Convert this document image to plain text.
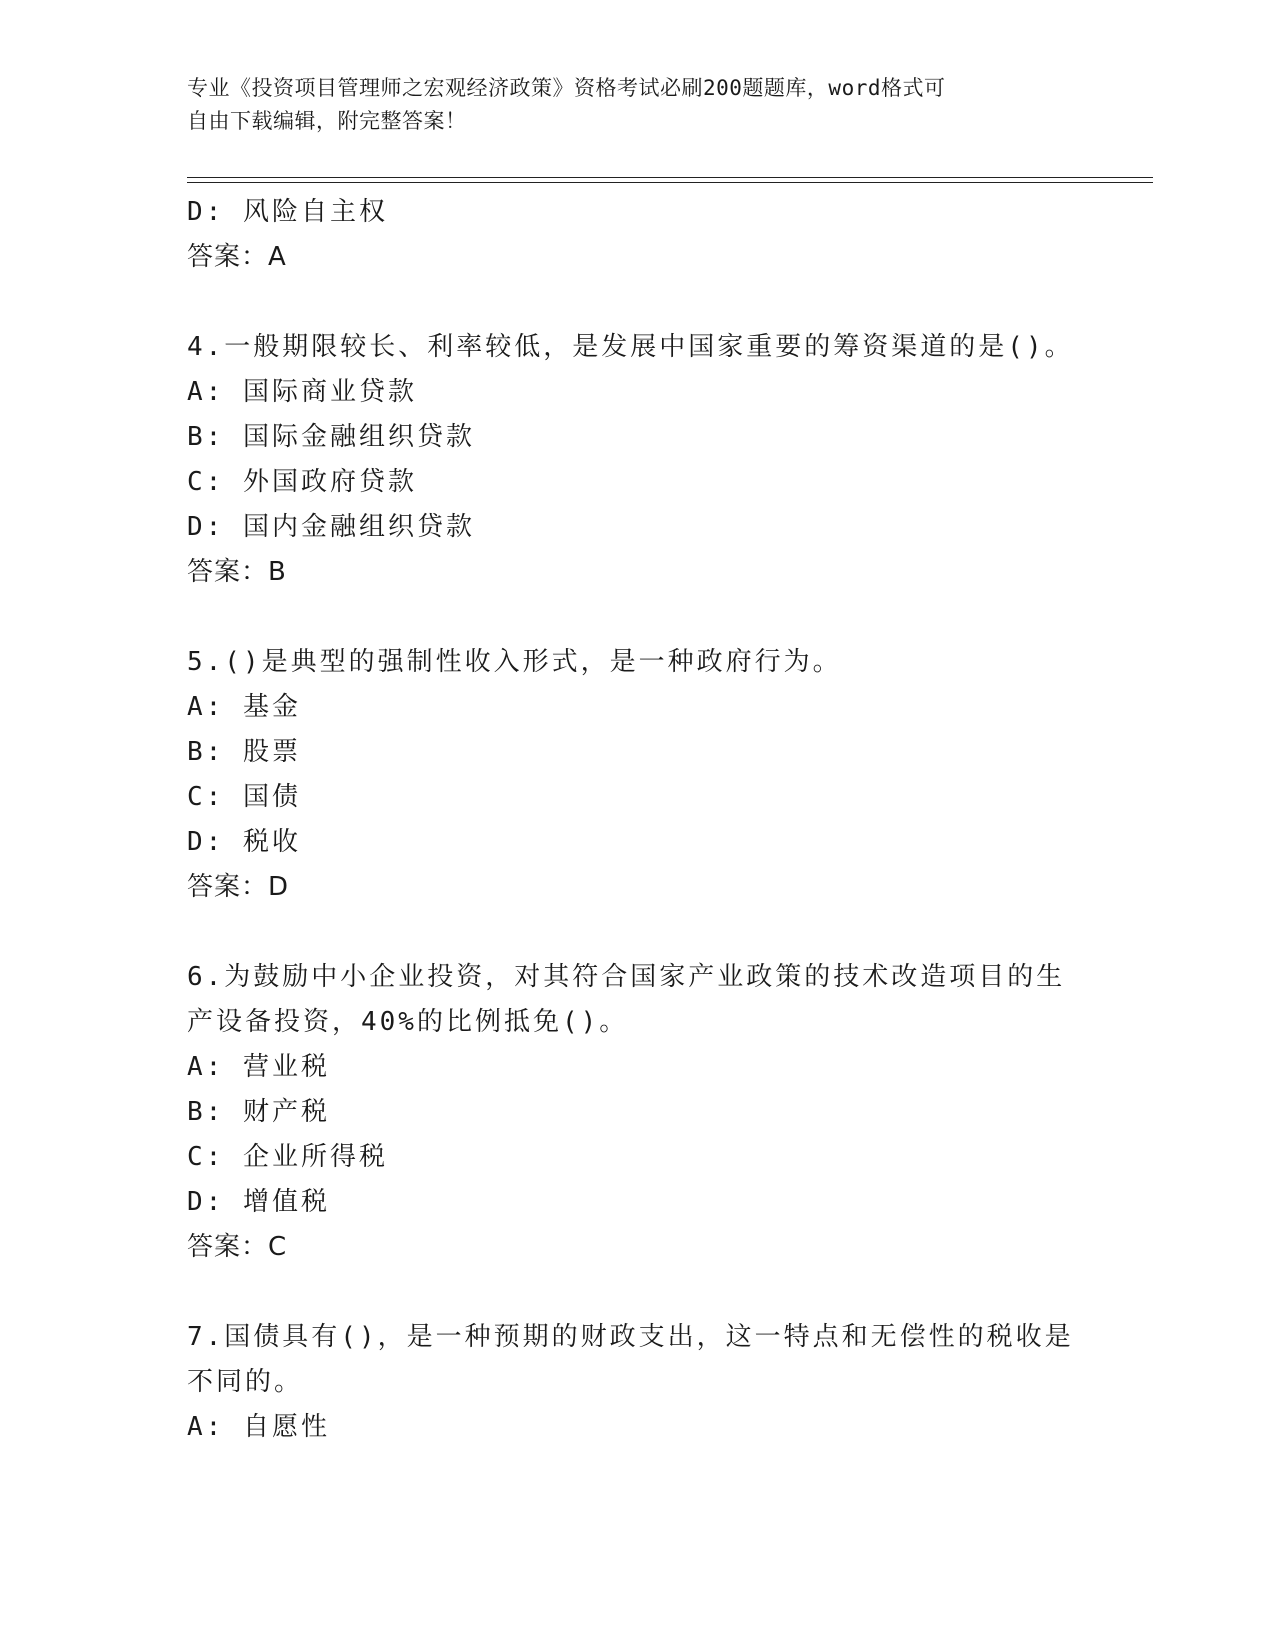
专业《投资项目管理师之宏观经济政策》资格考试必刷200题题库，word格式可
自由下载编辑，附完整答案！
D: 风险自主权
答案：A
4.一般期限较长、利率较低，是发展中国家重要的筹资渠道的是()。
A: 国际商业贷款
B: 国际金融组织贷款
C: 外国政府贷款
D: 国内金融组织贷款
答案：B
5.()是典型的强制性收入形式，是一种政府行为。
A: 基金
B: 股票
C: 国债
D: 税收
答案：D
6.为鼓励中小企业投资，对其符合国家产业政策的技术改造项目的生
产设备投资，40%的比例抵免()。
A: 营业税
B: 财产税
C: 企业所得税
D: 增值税
答案：C
7.国债具有()，是一种预期的财政支出，这一特点和无偿性的税收是
不同的。
A: 自愿性
